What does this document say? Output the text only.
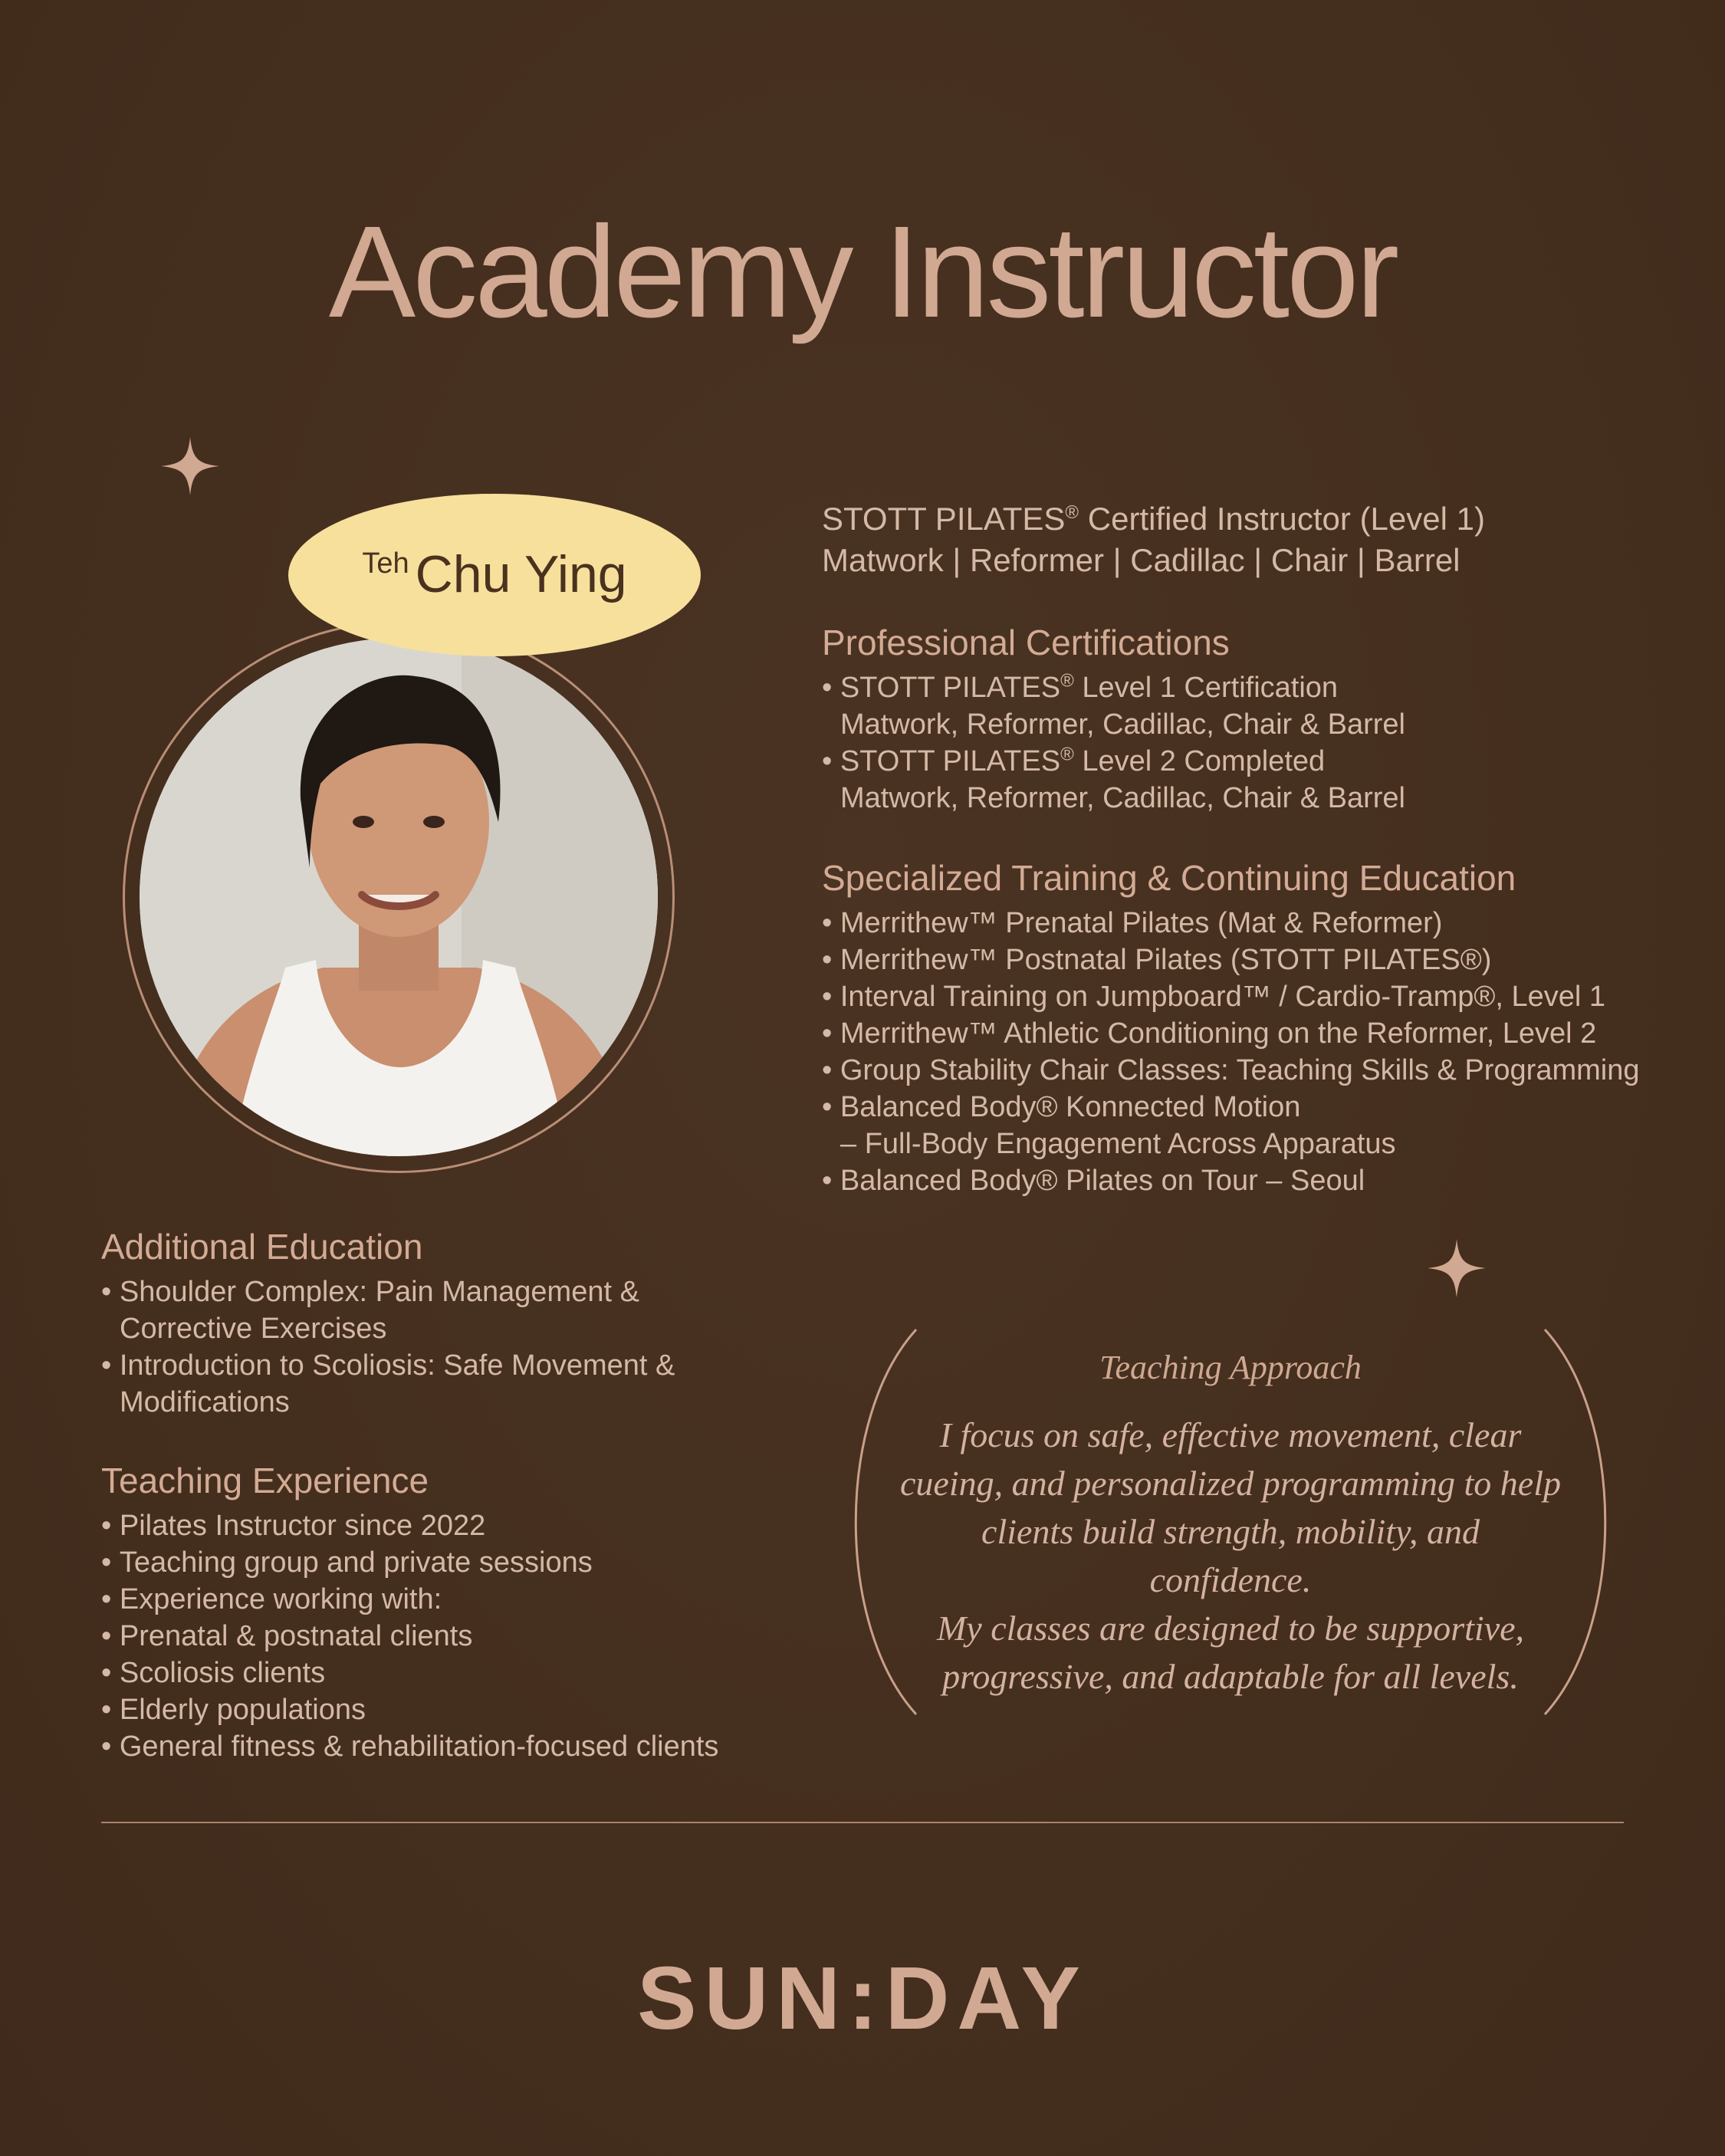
Academy Instructor
Teh Chu Ying
STOTT PILATES® Certified Instructor (Level 1)
Matwork | Reformer | Cadillac | Chair | Barrel
Professional Certifications
• STOTT PILATES® Level 1 Certification
Matwork, Reformer, Cadillac, Chair & Barrel
• STOTT PILATES® Level 2 Completed
Matwork, Reformer, Cadillac, Chair & Barrel
Specialized Training & Continuing Education
• Merrithew™ Prenatal Pilates (Mat & Reformer)
• Merrithew™ Postnatal Pilates (STOTT PILATES®)
• Interval Training on Jumpboard™ / Cardio-Tramp®, Level 1
• Merrithew™ Athletic Conditioning on the Reformer, Level 2
• Group Stability Chair Classes: Teaching Skills & Programming
• Balanced Body® Konnected Motion
– Full-Body Engagement Across Apparatus
• Balanced Body® Pilates on Tour – Seoul
Additional Education
• Shoulder Complex: Pain Management &
Corrective Exercises
• Introduction to Scoliosis: Safe Movement &
Modifications
Teaching Experience
• Pilates Instructor since 2022
• Teaching group and private sessions
• Experience working with:
• Prenatal & postnatal clients
• Scoliosis clients
• Elderly populations
• General fitness & rehabilitation-focused clients
Teaching Approach
I focus on safe, effective movement, clear
cueing, and personalized programming to help
clients build strength, mobility, and confidence.
My classes are designed to be supportive,
progressive, and adaptable for all levels.
SUN:DAY
